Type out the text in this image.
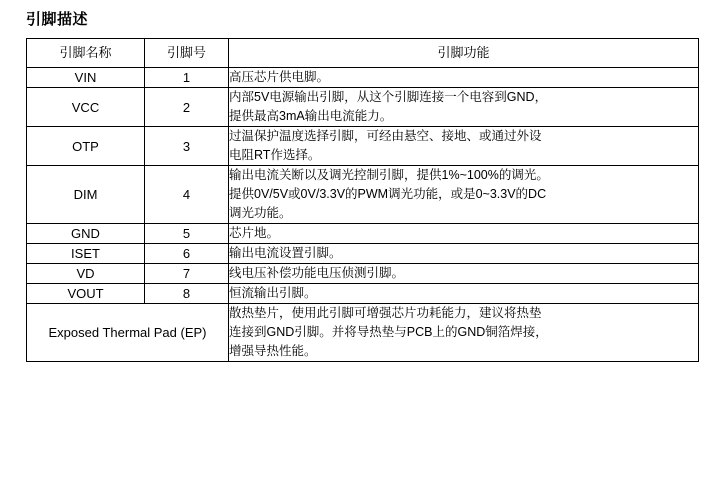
引脚描述
引脚名称	引脚号	引脚功能
VIN	1	高压芯片供电脚。

VCC	2	内部5V电源输出引脚，从这个引脚连接一个电容到GND，

提供最高3mA输出电流能力。

OTP	3	过温保护温度选择引脚，可经由悬空、接地、或通过外设

电阻RT作选择。

DIM	4	输出电流关断以及调光控制引脚，提供1%~100%的调光。

提供0V/5V或0V/3.3V的PWM调光功能，或是0~3.3V的DC

调光功能。

GND	5	芯片地。

ISET	6	输出电流设置引脚。

VD	7	线电压补偿功能电压侦测引脚。

VOUT	8	恒流输出引脚。

Exposed Thermal Pad (EP)		散热垫片，使用此引脚可增强芯片功耗能力，建议将热垫

连接到GND引脚。并将导热垫与PCB上的GND铜箔焊接，

增强导热性能。
